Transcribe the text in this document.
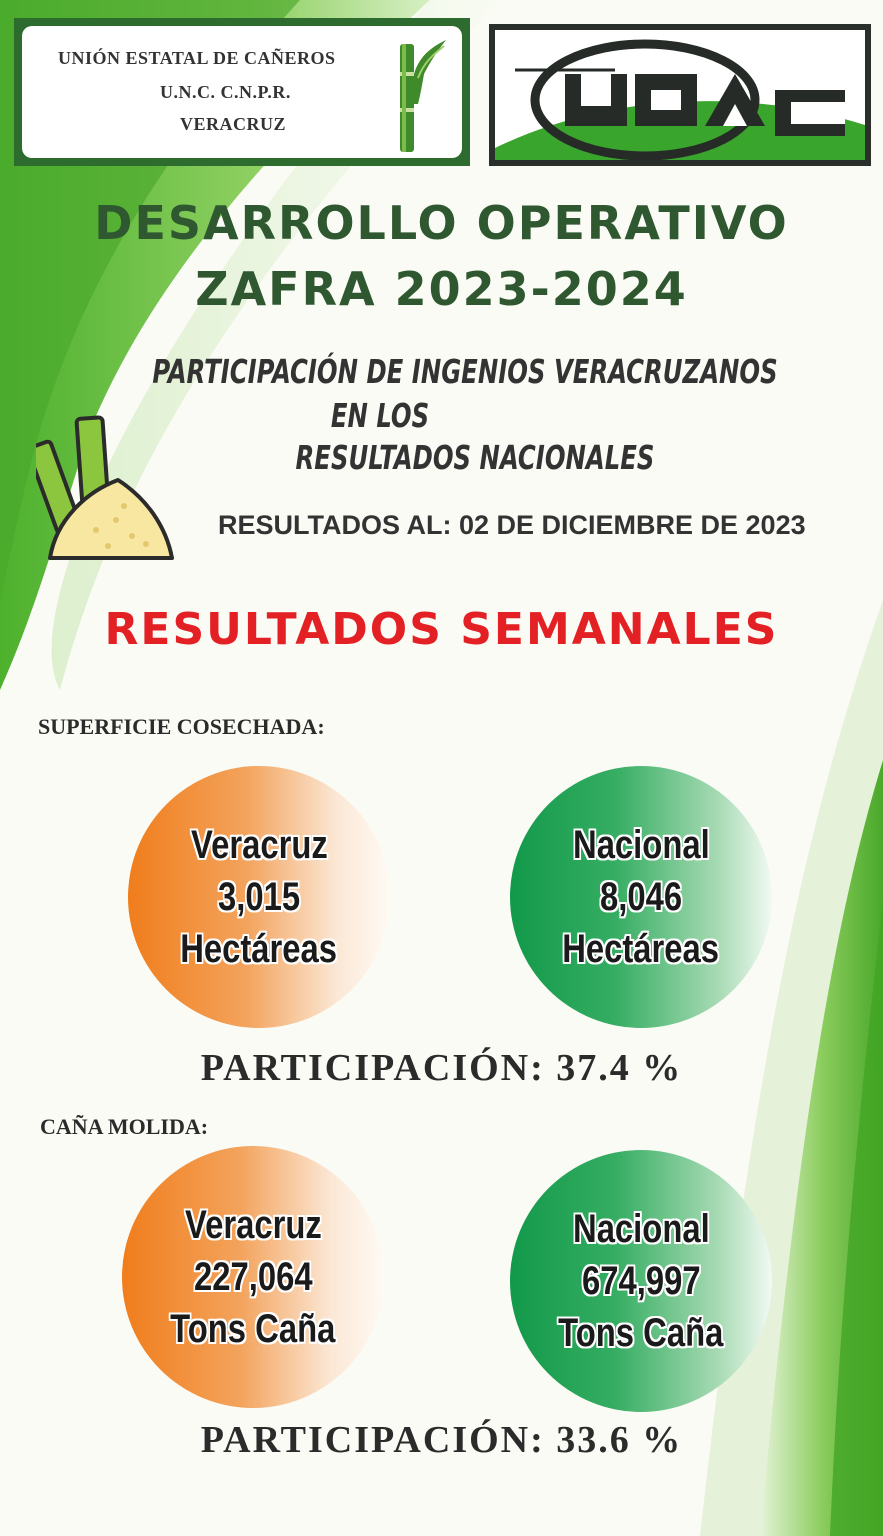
UNIÓN ESTATAL DE CAÑEROS
U.N.C. C.N.P.R.
VERACRUZ
DESARROLLO OPERATIVO
ZAFRA 2023-2024
PARTICIPACIÓN DE INGENIOS VERACRUZANOS
EN LOS
RESULTADOS NACIONALES
RESULTADOS AL: 02 DE DICIEMBRE DE 2023
RESULTADOS SEMANALES
SUPERFICIE COSECHADA:
Veracruz
3,015
Hectáreas
Nacional
8,046
Hectáreas
PARTICIPACIÓN: 37.4 %
CAÑA MOLIDA:
Veracruz
227,064
Tons Caña
Nacional
674,997
Tons Caña
PARTICIPACIÓN: 33.6 %
